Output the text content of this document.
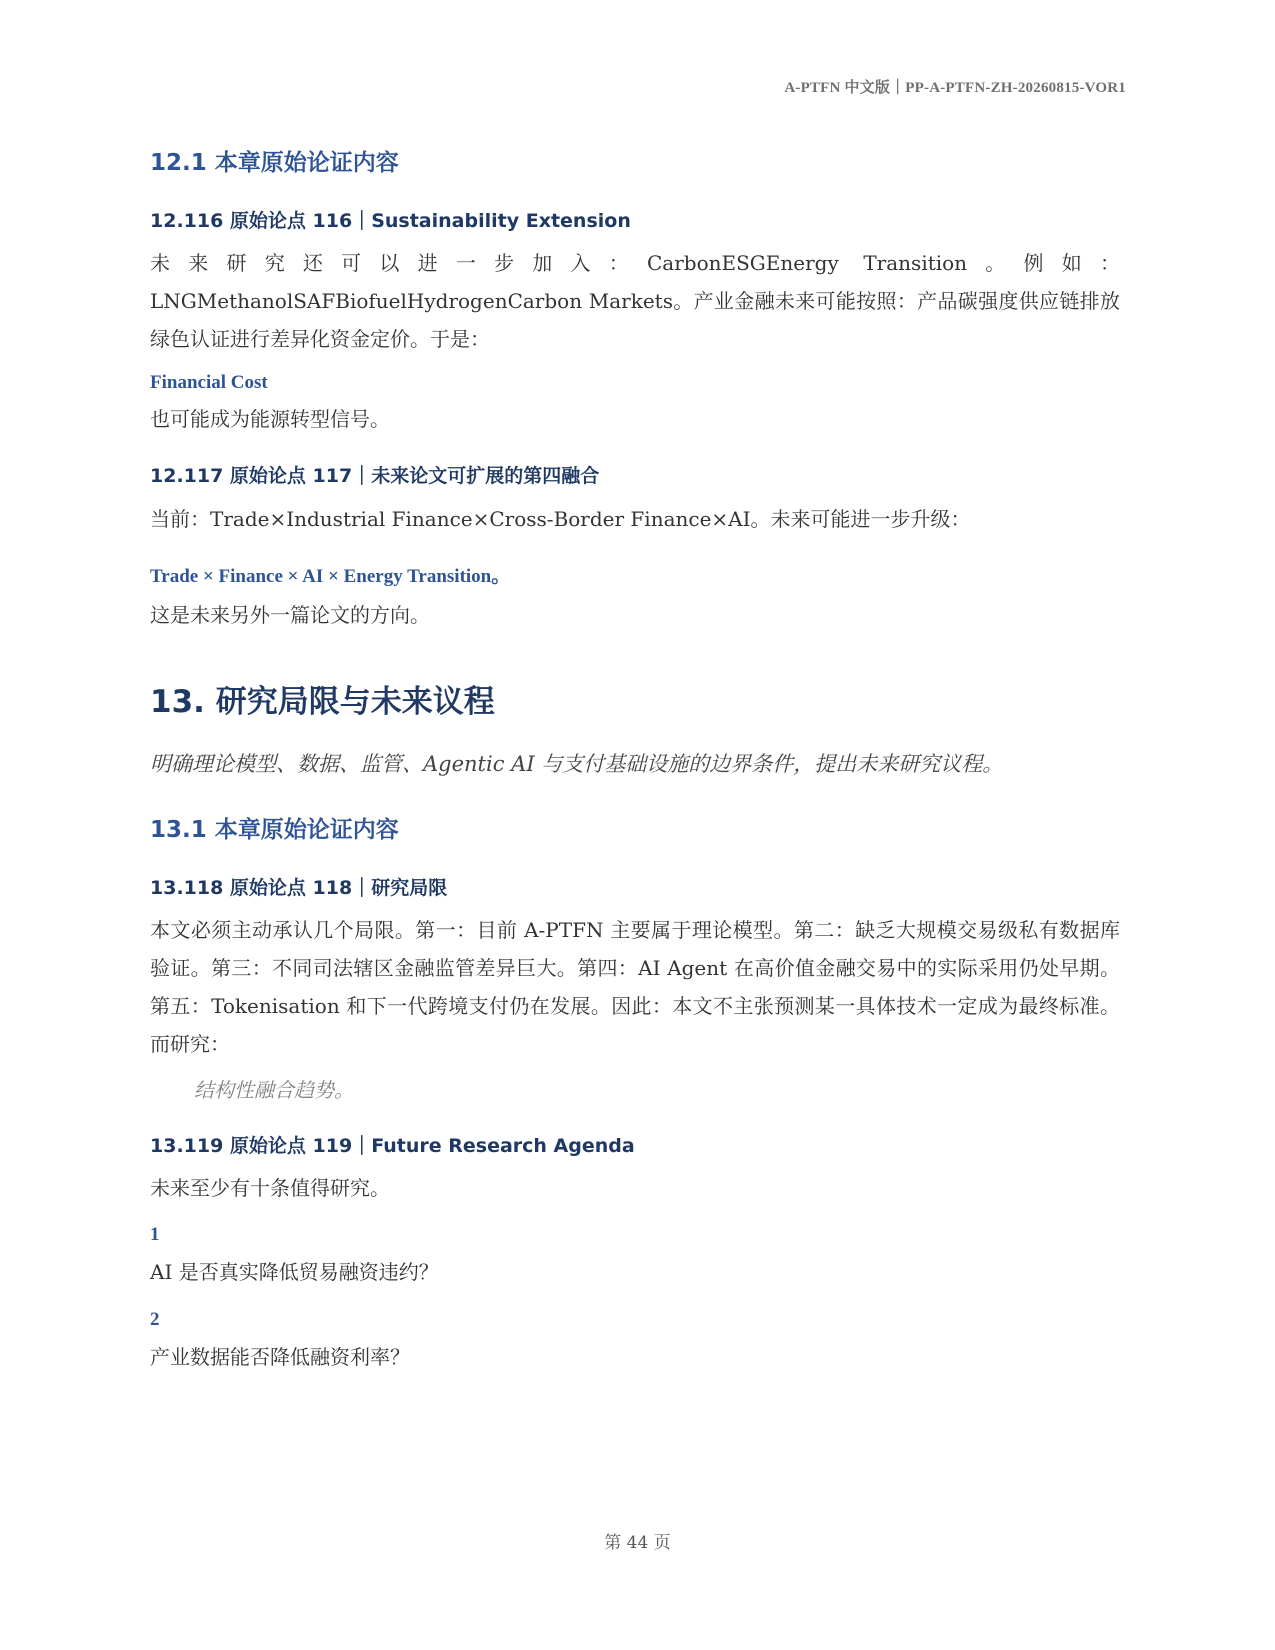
A-PTFN 中文版｜PP-A-PTFN-ZH-20260815-VOR1
12.1 本章原始论证内容
12.116 原始论点 116｜Sustainability Extension
未来研究还可以进一步加入：CarbonESGEnergy Transition。例如：LNGMethanolSAFBiofuelHydrogenCarbon Markets。产业金融未来可能按照：产品碳强度供应链排放绿色认证进行差异化资金定价。于是：
Financial Cost
也可能成为能源转型信号。
12.117 原始论点 117｜未来论文可扩展的第四融合
当前：Trade×Industrial Finance×Cross-Border Finance×AI。未来可能进一步升级：
Trade × Finance × AI × Energy Transition。
这是未来另外一篇论文的方向。
13. 研究局限与未来议程
明确理论模型、数据、监管、Agentic AI 与支付基础设施的边界条件，提出未来研究议程。
13.1 本章原始论证内容
13.118 原始论点 118｜研究局限
本文必须主动承认几个局限。第一：目前 A-PTFN 主要属于理论模型。第二：缺乏大规模交易级私有数据库验证。第三：不同司法辖区金融监管差异巨大。第四：AI Agent 在高价值金融交易中的实际采用仍处早期。第五：Tokenisation 和下一代跨境支付仍在发展。因此：本文不主张预测某一具体技术一定成为最终标准。而研究：
结构性融合趋势。
13.119 原始论点 119｜Future Research Agenda
未来至少有十条值得研究。
1
AI 是否真实降低贸易融资违约？
2
产业数据能否降低融资利率？
第 44 页
